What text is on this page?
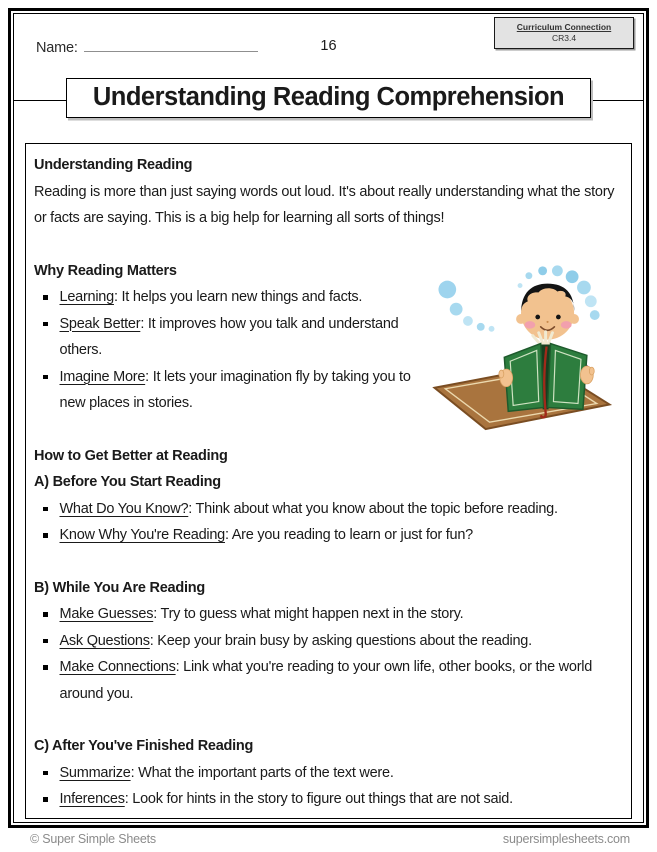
Name:	16
Curriculum Connection
CR3.4
Understanding Reading Comprehension
Understanding Reading
Reading is more than just saying words out loud. It's about really understanding what the story or facts are saying. This is a big help for learning all sorts of things!
Why Reading Matters
Learning: It helps you learn new things and facts.
Speak Better: It improves how you talk and understand others.
Imagine More: It lets your imagination fly by taking you to new places in stories.
How to Get Better at Reading
A) Before You Start Reading
What Do You Know?: Think about what you know about the topic before reading.
Know Why You're Reading: Are you reading to learn or just for fun?
B) While You Are Reading
Make Guesses: Try to guess what might happen next in the story.
Ask Questions: Keep your brain busy by asking questions about the reading.
Make Connections: Link what you're reading to your own life, other books, or the world around you.
C) After You've Finished Reading
Summarize: What the important parts of the text were.
Inferences: Look for hints in the story to figure out things that are not said.
© Super Simple Sheets	supersimplesheets.com
